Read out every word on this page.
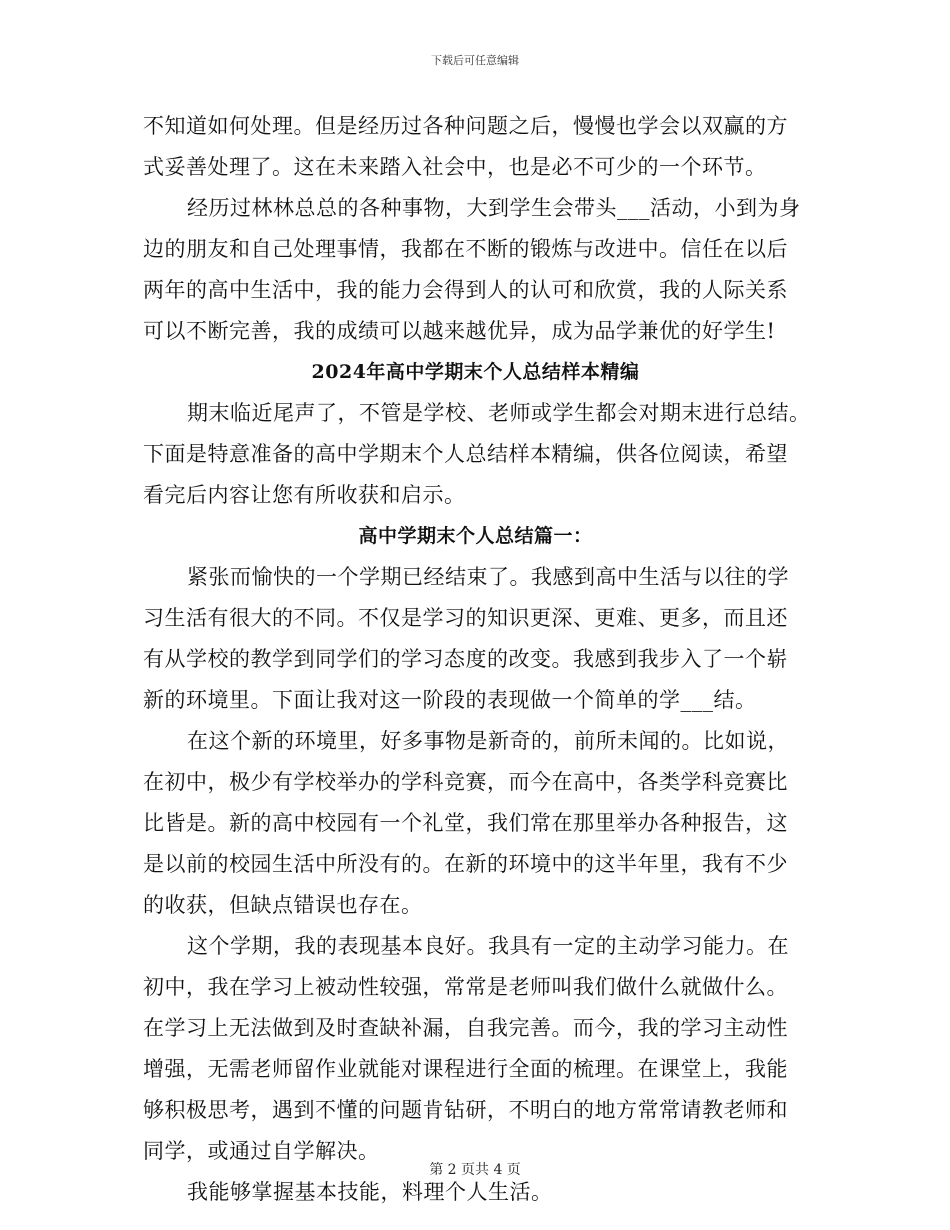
下载后可任意编辑
不知道如何处理。但是经历过各种问题之后，慢慢也学会以双赢的方
式妥善处理了。这在未来踏入社会中，也是必不可少的一个环节。
经历过林林总总的各种事物，大到学生会带头___活动，小到为身
边的朋友和自己处理事情，我都在不断的锻炼与改进中。信任在以后
两年的高中生活中，我的能力会得到人的认可和欣赏，我的人际关系
可以不断完善，我的成绩可以越来越优异，成为品学兼优的好学生!
2024年高中学期末个人总结样本精编
期末临近尾声了，不管是学校、老师或学生都会对期末进行总结。
下面是特意准备的高中学期末个人总结样本精编，供各位阅读，希望
看完后内容让您有所收获和启示。
高中学期末个人总结篇一：
紧张而愉快的一个学期已经结束了。我感到高中生活与以往的学
习生活有很大的不同。不仅是学习的知识更深、更难、更多，而且还
有从学校的教学到同学们的学习态度的改变。我感到我步入了一个崭
新的环境里。下面让我对这一阶段的表现做一个简单的学___结。
在这个新的环境里，好多事物是新奇的，前所未闻的。比如说，
在初中，极少有学校举办的学科竞赛，而今在高中，各类学科竞赛比
比皆是。新的高中校园有一个礼堂，我们常在那里举办各种报告，这
是以前的校园生活中所没有的。在新的环境中的这半年里，我有不少
的收获，但缺点错误也存在。
这个学期，我的表现基本良好。我具有一定的主动学习能力。在
初中，我在学习上被动性较强，常常是老师叫我们做什么就做什么。
在学习上无法做到及时查缺补漏，自我完善。而今，我的学习主动性
增强，无需老师留作业就能对课程进行全面的梳理。在课堂上，我能
够积极思考，遇到不懂的问题肯钻研，不明白的地方常常请教老师和
同学，或通过自学解决。
我能够掌握基本技能，料理个人生活。
第 2 页共 4 页
